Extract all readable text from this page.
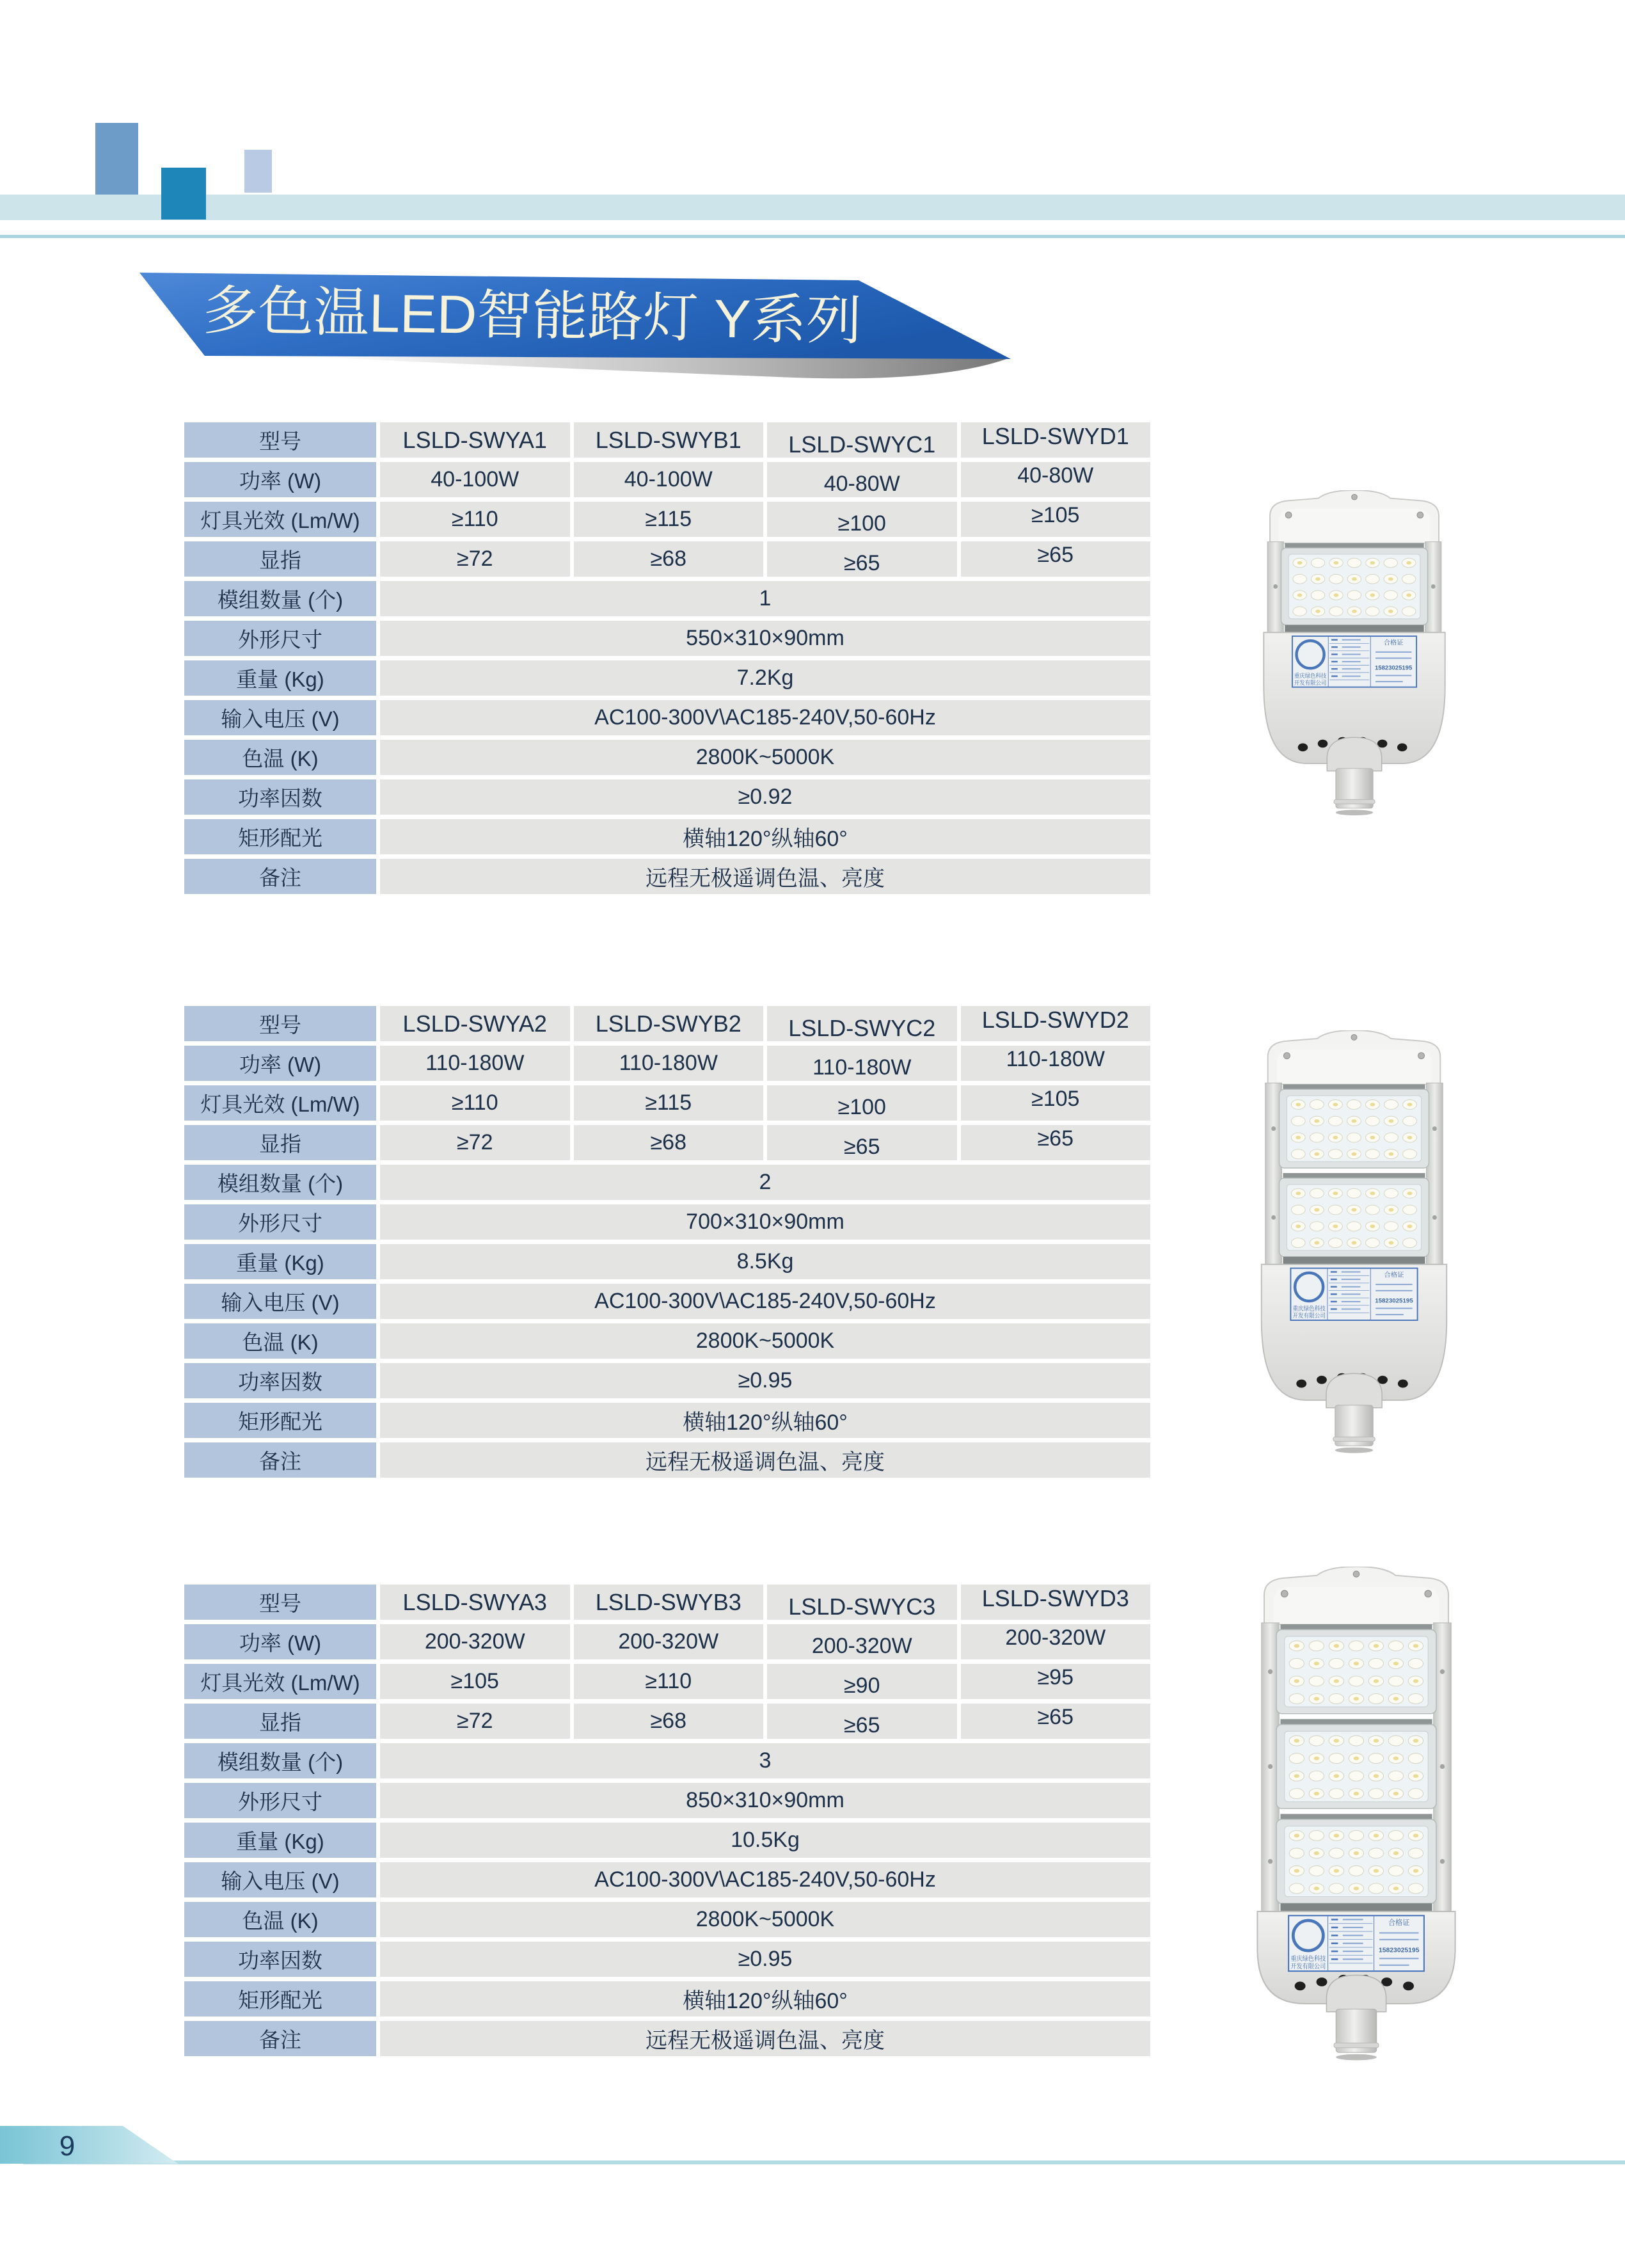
多色温LED智能路灯 Y系列
型号	LSLD-SWYA1	LSLD-SWYB1	LSLD-SWYC1	LSLD-SWYD1
功率 (W)	40-100W	40-100W	40-80W	40-80W
灯具光效 (Lm/W)	≥110	≥115	≥100	≥105
显指	≥72	≥68	≥65	≥65
模组数量 (个)	1
外形尺寸	550×310×90mm
重量 (Kg)	7.2Kg
输入电压 (V)	AC100-300V\AC185-240V,50-60Hz
色温 (K)	2800K~5000K
功率因数	≥0.92
矩形配光	横轴120°纵轴60°
备注	远程无极遥调色温、亮度
型号	LSLD-SWYA2	LSLD-SWYB2	LSLD-SWYC2	LSLD-SWYD2
功率 (W)	110-180W	110-180W	110-180W	110-180W
灯具光效 (Lm/W)	≥110	≥115	≥100	≥105
显指	≥72	≥68	≥65	≥65
模组数量 (个)	2
外形尺寸	700×310×90mm
重量 (Kg)	8.5Kg
输入电压 (V)	AC100-300V\AC185-240V,50-60Hz
色温 (K)	2800K~5000K
功率因数	≥0.95
矩形配光	横轴120°纵轴60°
备注	远程无极遥调色温、亮度
型号	LSLD-SWYA3	LSLD-SWYB3	LSLD-SWYC3	LSLD-SWYD3
功率 (W)	200-320W	200-320W	200-320W	200-320W
灯具光效 (Lm/W)	≥105	≥110	≥90	≥95
显指	≥72	≥68	≥65	≥65
模组数量 (个)	3
外形尺寸	850×310×90mm
重量 (Kg)	10.5Kg
输入电压 (V)	AC100-300V\AC185-240V,50-60Hz
色温 (K)	2800K~5000K
功率因数	≥0.95
矩形配光	横轴120°纵轴60°
备注	远程无极遥调色温、亮度
重庆绿色科技
开发有限公司
合格证
15823025195
重庆绿色科技
开发有限公司
合格证
15823025195
重庆绿色科技
开发有限公司
合格证
15823025195
9
